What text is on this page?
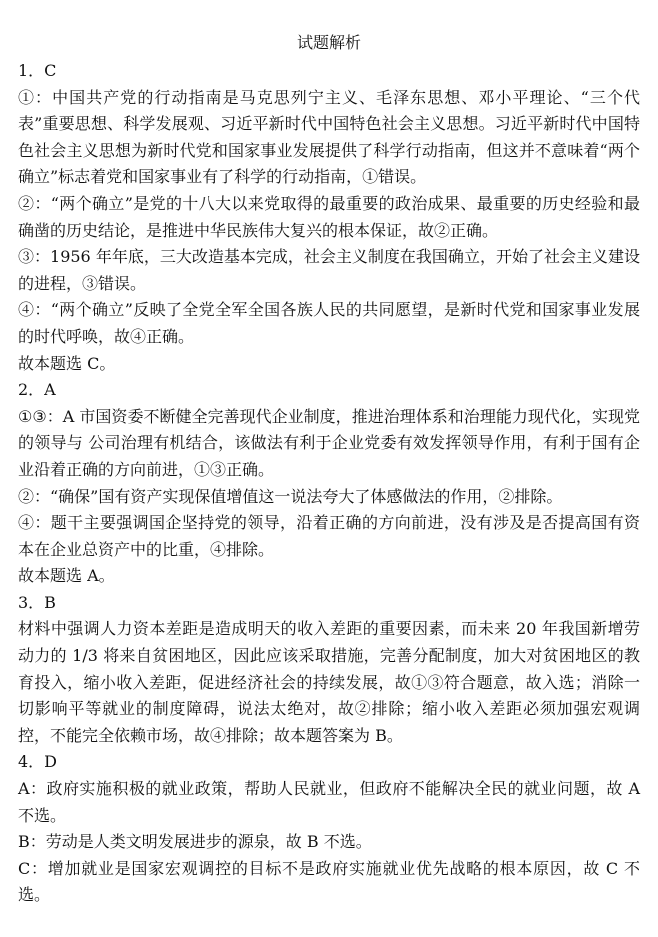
试题解析
1．C
①：中国共产党的行动指南是马克思列宁主义、毛泽东思想、邓小平理论、“三个代表”重要思想、科学发展观、习近平新时代中国特色社会主义思想。习近平新时代中国特色社会主义思想为新时代党和国家事业发展提供了科学行动指南，但这并不意味着“两个确立”标志着党和国家事业有了科学的行动指南，①错误。
②：“两个确立”是党的十八大以来党取得的最重要的政治成果、最重要的历史经验和最确凿的历史结论，是推进中华民族伟大复兴的根本保证，故②正确。
③：1956 年年底，三大改造基本完成，社会主义制度在我国确立，开始了社会主义建设的进程，③错误。
④：“两个确立”反映了全党全军全国各族人民的共同愿望，是新时代党和国家事业发展的时代呼唤，故④正确。
故本题选 C。
2．A
①③：A 市国资委不断健全完善现代企业制度，推进治理体系和治理能力现代化，实现党的领导与 公司治理有机结合，该做法有利于企业党委有效发挥领导作用，有利于国有企业沿着正确的方向前进，①③正确。
②：“确保”国有资产实现保值增值这一说法夸大了体感做法的作用，②排除。
④：题干主要强调国企坚持党的领导，沿着正确的方向前进，没有涉及是否提高国有资本在企业总资产中的比重，④排除。
故本题选 A。
3．B
材料中强调人力资本差距是造成明天的收入差距的重要因素，而未来 20 年我国新增劳动力的 1/3 将来自贫困地区，因此应该采取措施，完善分配制度，加大对贫困地区的教育投入，缩小收入差距，促进经济社会的持续发展，故①③符合题意，故入选；消除一切影响平等就业的制度障碍，说法太绝对，故②排除；缩小收入差距必须加强宏观调控，不能完全依赖市场，故④排除；故本题答案为 B。
4．D
A：政府实施积极的就业政策，帮助人民就业，但政府不能解决全民的就业问题，故 A 不选。
B：劳动是人类文明发展进步的源泉，故 B 不选。
C：增加就业是国家宏观调控的目标不是政府实施就业优先战略的根本原因，故 C 不选。
